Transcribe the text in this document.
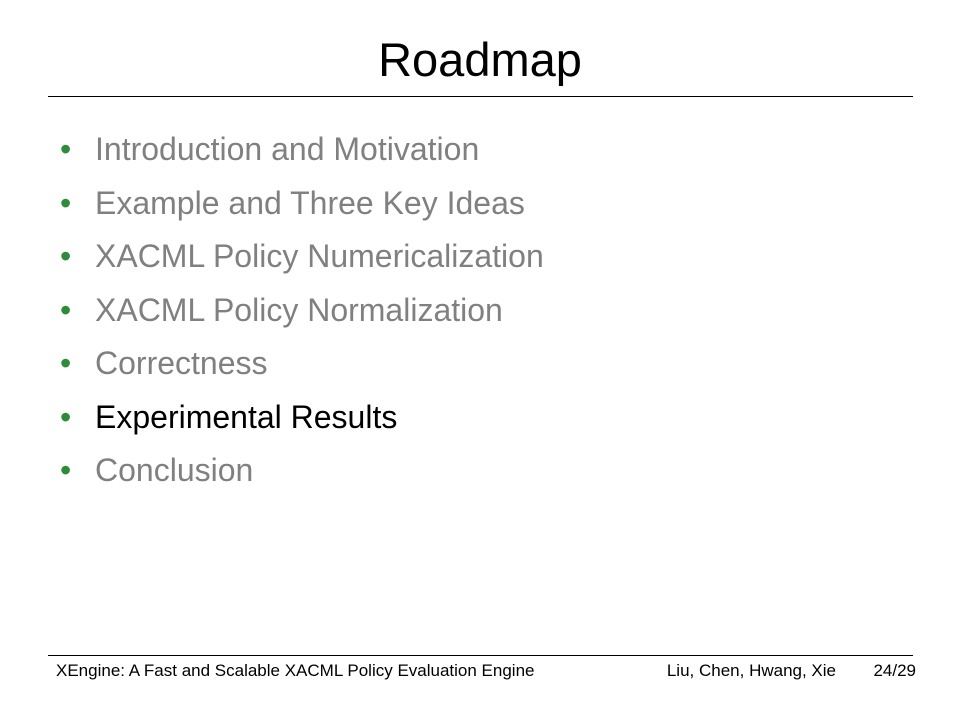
Roadmap
• Introduction and Motivation
• Example and Three Key Ideas
• XACML Policy Numericalization
• XACML Policy Normalization
• Correctness
• Experimental Results
• Conclusion
XEngine: A Fast and Scalable XACML Policy Evaluation Engine	Liu, Chen, Hwang, Xie 24/29
